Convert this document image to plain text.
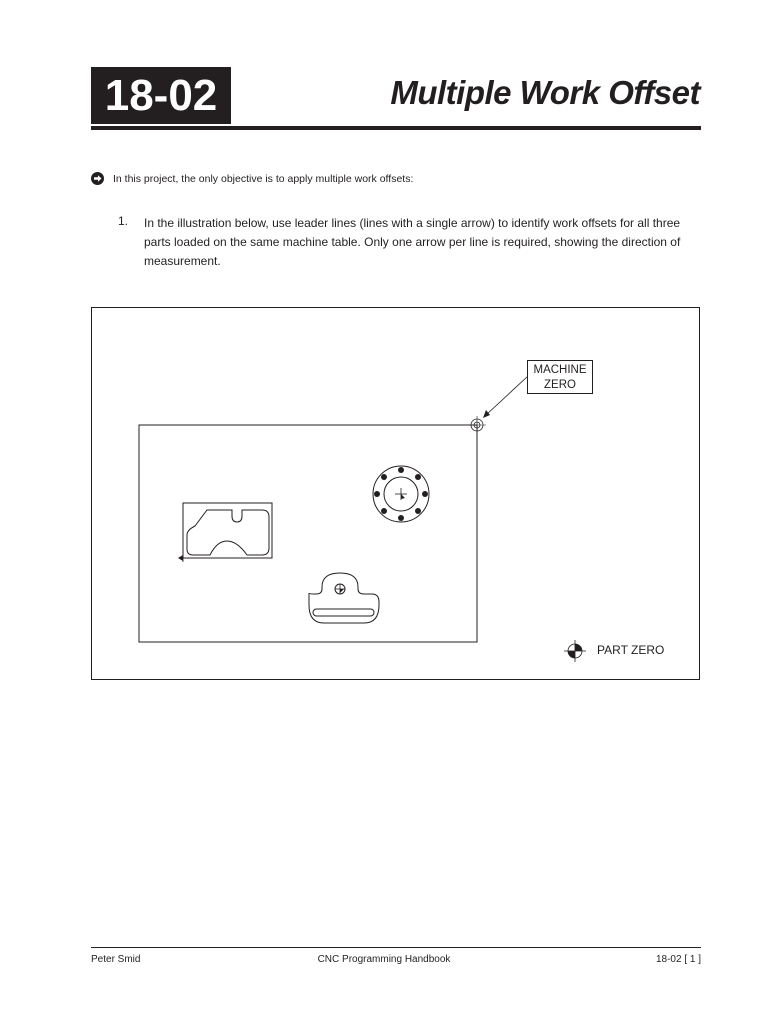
18-02	Multiple Work Offset
In this project, the only objective is to apply multiple work offsets:
1.	In the illustration below, use leader lines (lines with a single arrow) to identify work offsets for all three parts loaded on the same machine table. Only one arrow per line is required, showing the direction of measurement.
MACHINE
ZERO
PART ZERO
Peter Smid	CNC Programming Handbook	18-02 [ 1 ]
